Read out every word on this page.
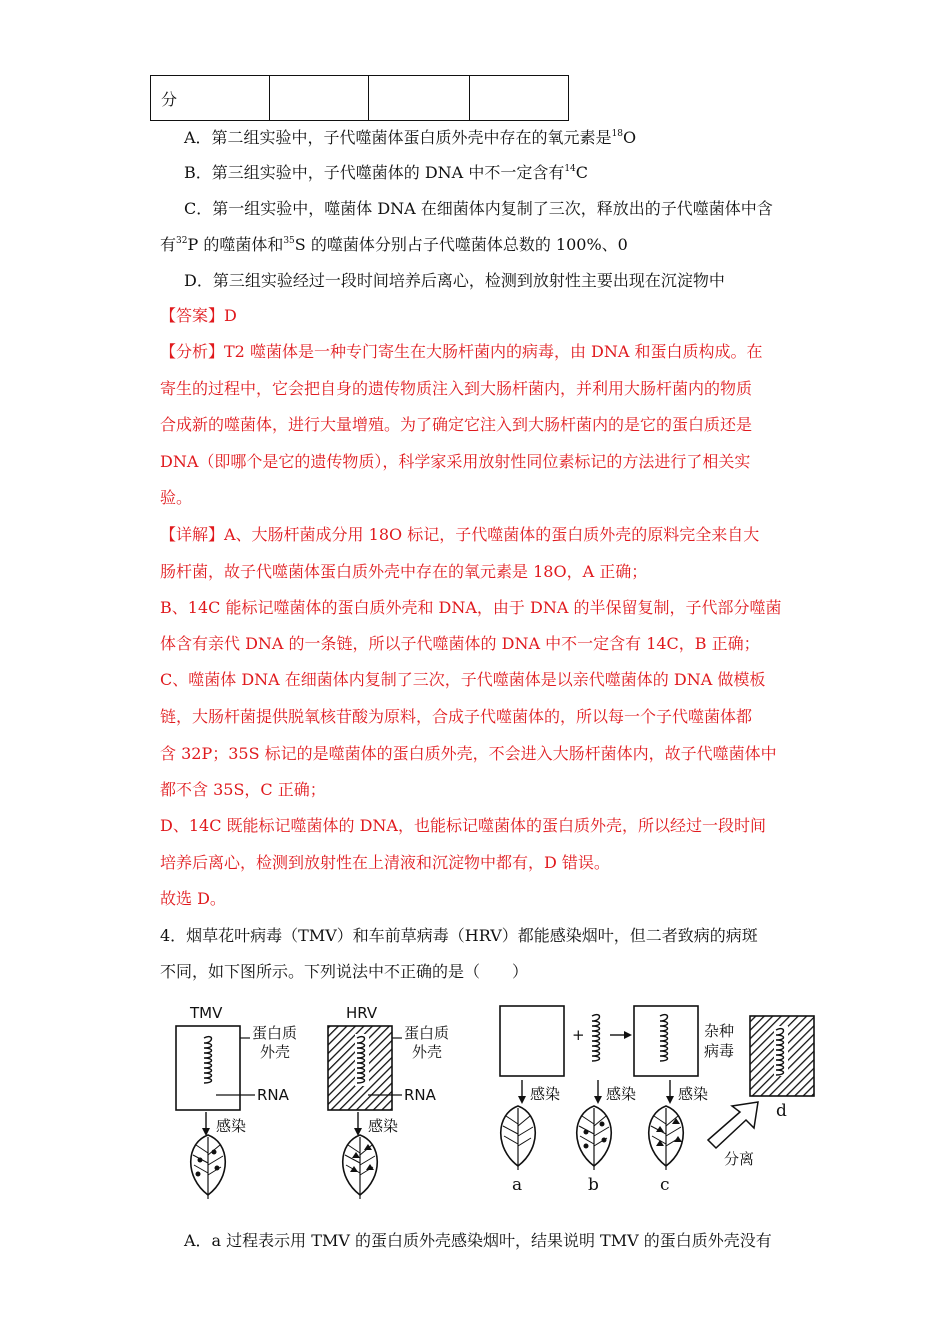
分			
A．第二组实验中，子代噬菌体蛋白质外壳中存在的氧元素是$^{18}$O
B．第三组实验中，子代噬菌体的 DNA 中不一定含有$^{14}$C
C．第一组实验中，噬菌体 DNA 在细菌体内复制了三次，释放出的子代噬菌体中含
有$^{32}$P 的噬菌体和$^{35}$S 的噬菌体分别占子代噬菌体总数的 100%、0
D．第三组实验经过一段时间培养后离心，检测到放射性主要出现在沉淀物中
【答案】D
【分析】T2 噬菌体是一种专门寄生在大肠杆菌内的病毒，由 DNA 和蛋白质构成。在
寄生的过程中，它会把自身的遗传物质注入到大肠杆菌内，并利用大肠杆菌内的物质
合成新的噬菌体，进行大量增殖。为了确定它注入到大肠杆菌内的是它的蛋白质还是
DNA（即哪个是它的遗传物质），科学家采用放射性同位素标记的方法进行了相关实
验。
【详解】A、大肠杆菌成分用 18O 标记，子代噬菌体的蛋白质外壳的原料完全来自大
肠杆菌，故子代噬菌体蛋白质外壳中存在的氧元素是 18O，A 正确；
B、14C 能标记噬菌体的蛋白质外壳和 DNA，由于 DNA 的半保留复制，子代部分噬菌
体含有亲代 DNA 的一条链，所以子代噬菌体的 DNA 中不一定含有 14C，B 正确；
C、噬菌体 DNA 在细菌体内复制了三次，子代噬菌体是以亲代噬菌体的 DNA 做模板
链，大肠杆菌提供脱氧核苷酸为原料，合成子代噬菌体的，所以每一个子代噬菌体都
含 32P；35S 标记的是噬菌体的蛋白质外壳，不会进入大肠杆菌体内，故子代噬菌体中
都不含 35S，C 正确；
D、14C 既能标记噬菌体的 DNA，也能标记噬菌体的蛋白质外壳，所以经过一段时间
培养后离心，检测到放射性在上清液和沉淀物中都有，D 错误。
故选 D。
4．烟草花叶病毒（TMV）和车前草病毒（HRV）都能感染烟叶，但二者致病的病斑
不同，如下图所示。下列说法中不正确的是（　　）
TMV
蛋白质
外壳
RNA
感染
HRV
蛋白质
外壳
RNA
感染
+	杂种
病毒
d
感染	感染	感染
a	b	c
分离
A．a 过程表示用 TMV 的蛋白质外壳感染烟叶，结果说明 TMV 的蛋白质外壳没有
